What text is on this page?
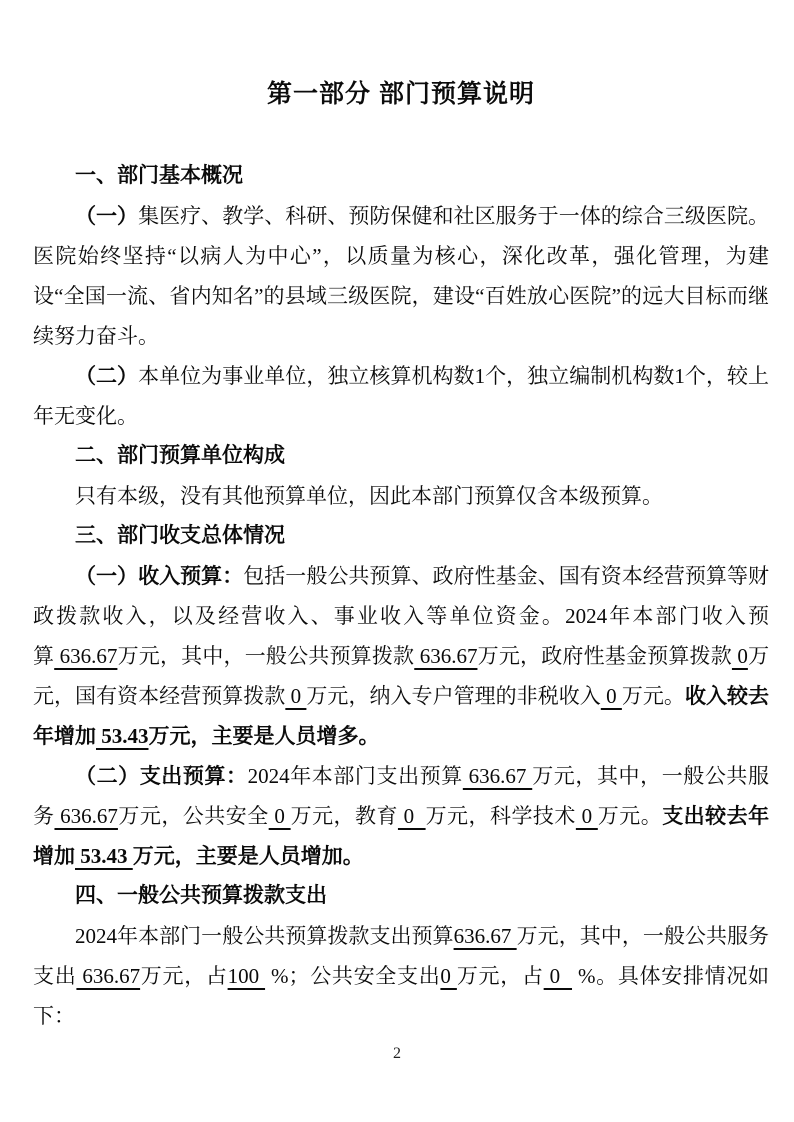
第一部分 部门预算说明
一、部门基本概况
（一）集医疗、教学、科研、预防保健和社区服务于一体的综合三级医院。医院始终坚持“以病人为中心”，以质量为核心，深化改革，强化管理，为建设“全国一流、省内知名”的县域三级医院，建设“百姓放心医院”的远大目标而继续努力奋斗。
（二）本单位为事业单位，独立核算机构数1个，独立编制机构数1个，较上年无变化。
二、部门预算单位构成
只有本级，没有其他预算单位，因此本部门预算仅含本级预算。
三、部门收支总体情况
（一）收入预算：包括一般公共预算、政府性基金、国有资本经营预算等财政拨款收入，以及经营收入、事业收入等单位资金。2024年本部门收入预算 636.67万元，其中，一般公共预算拨款 636.67万元，政府性基金预算拨款 0万元，国有资本经营预算拨款 0 万元，纳入专户管理的非税收入 0 万元。收入较去年增加 53.43万元，主要是人员增多。
（二）支出预算：2024年本部门支出预算 636.67 万元，其中，一般公共服务 636.67万元，公共安全 0 万元，教育 0  万元，科学技术 0 万元。支出较去年增加 53.43 万元，主要是人员增加。
四、一般公共预算拨款支出
2024年本部门一般公共预算拨款支出预算636.67 万元，其中，一般公共服务支出 636.67万元，占100  %；公共安全支出0 万元，占 0   %。具体安排情况如下：
2
